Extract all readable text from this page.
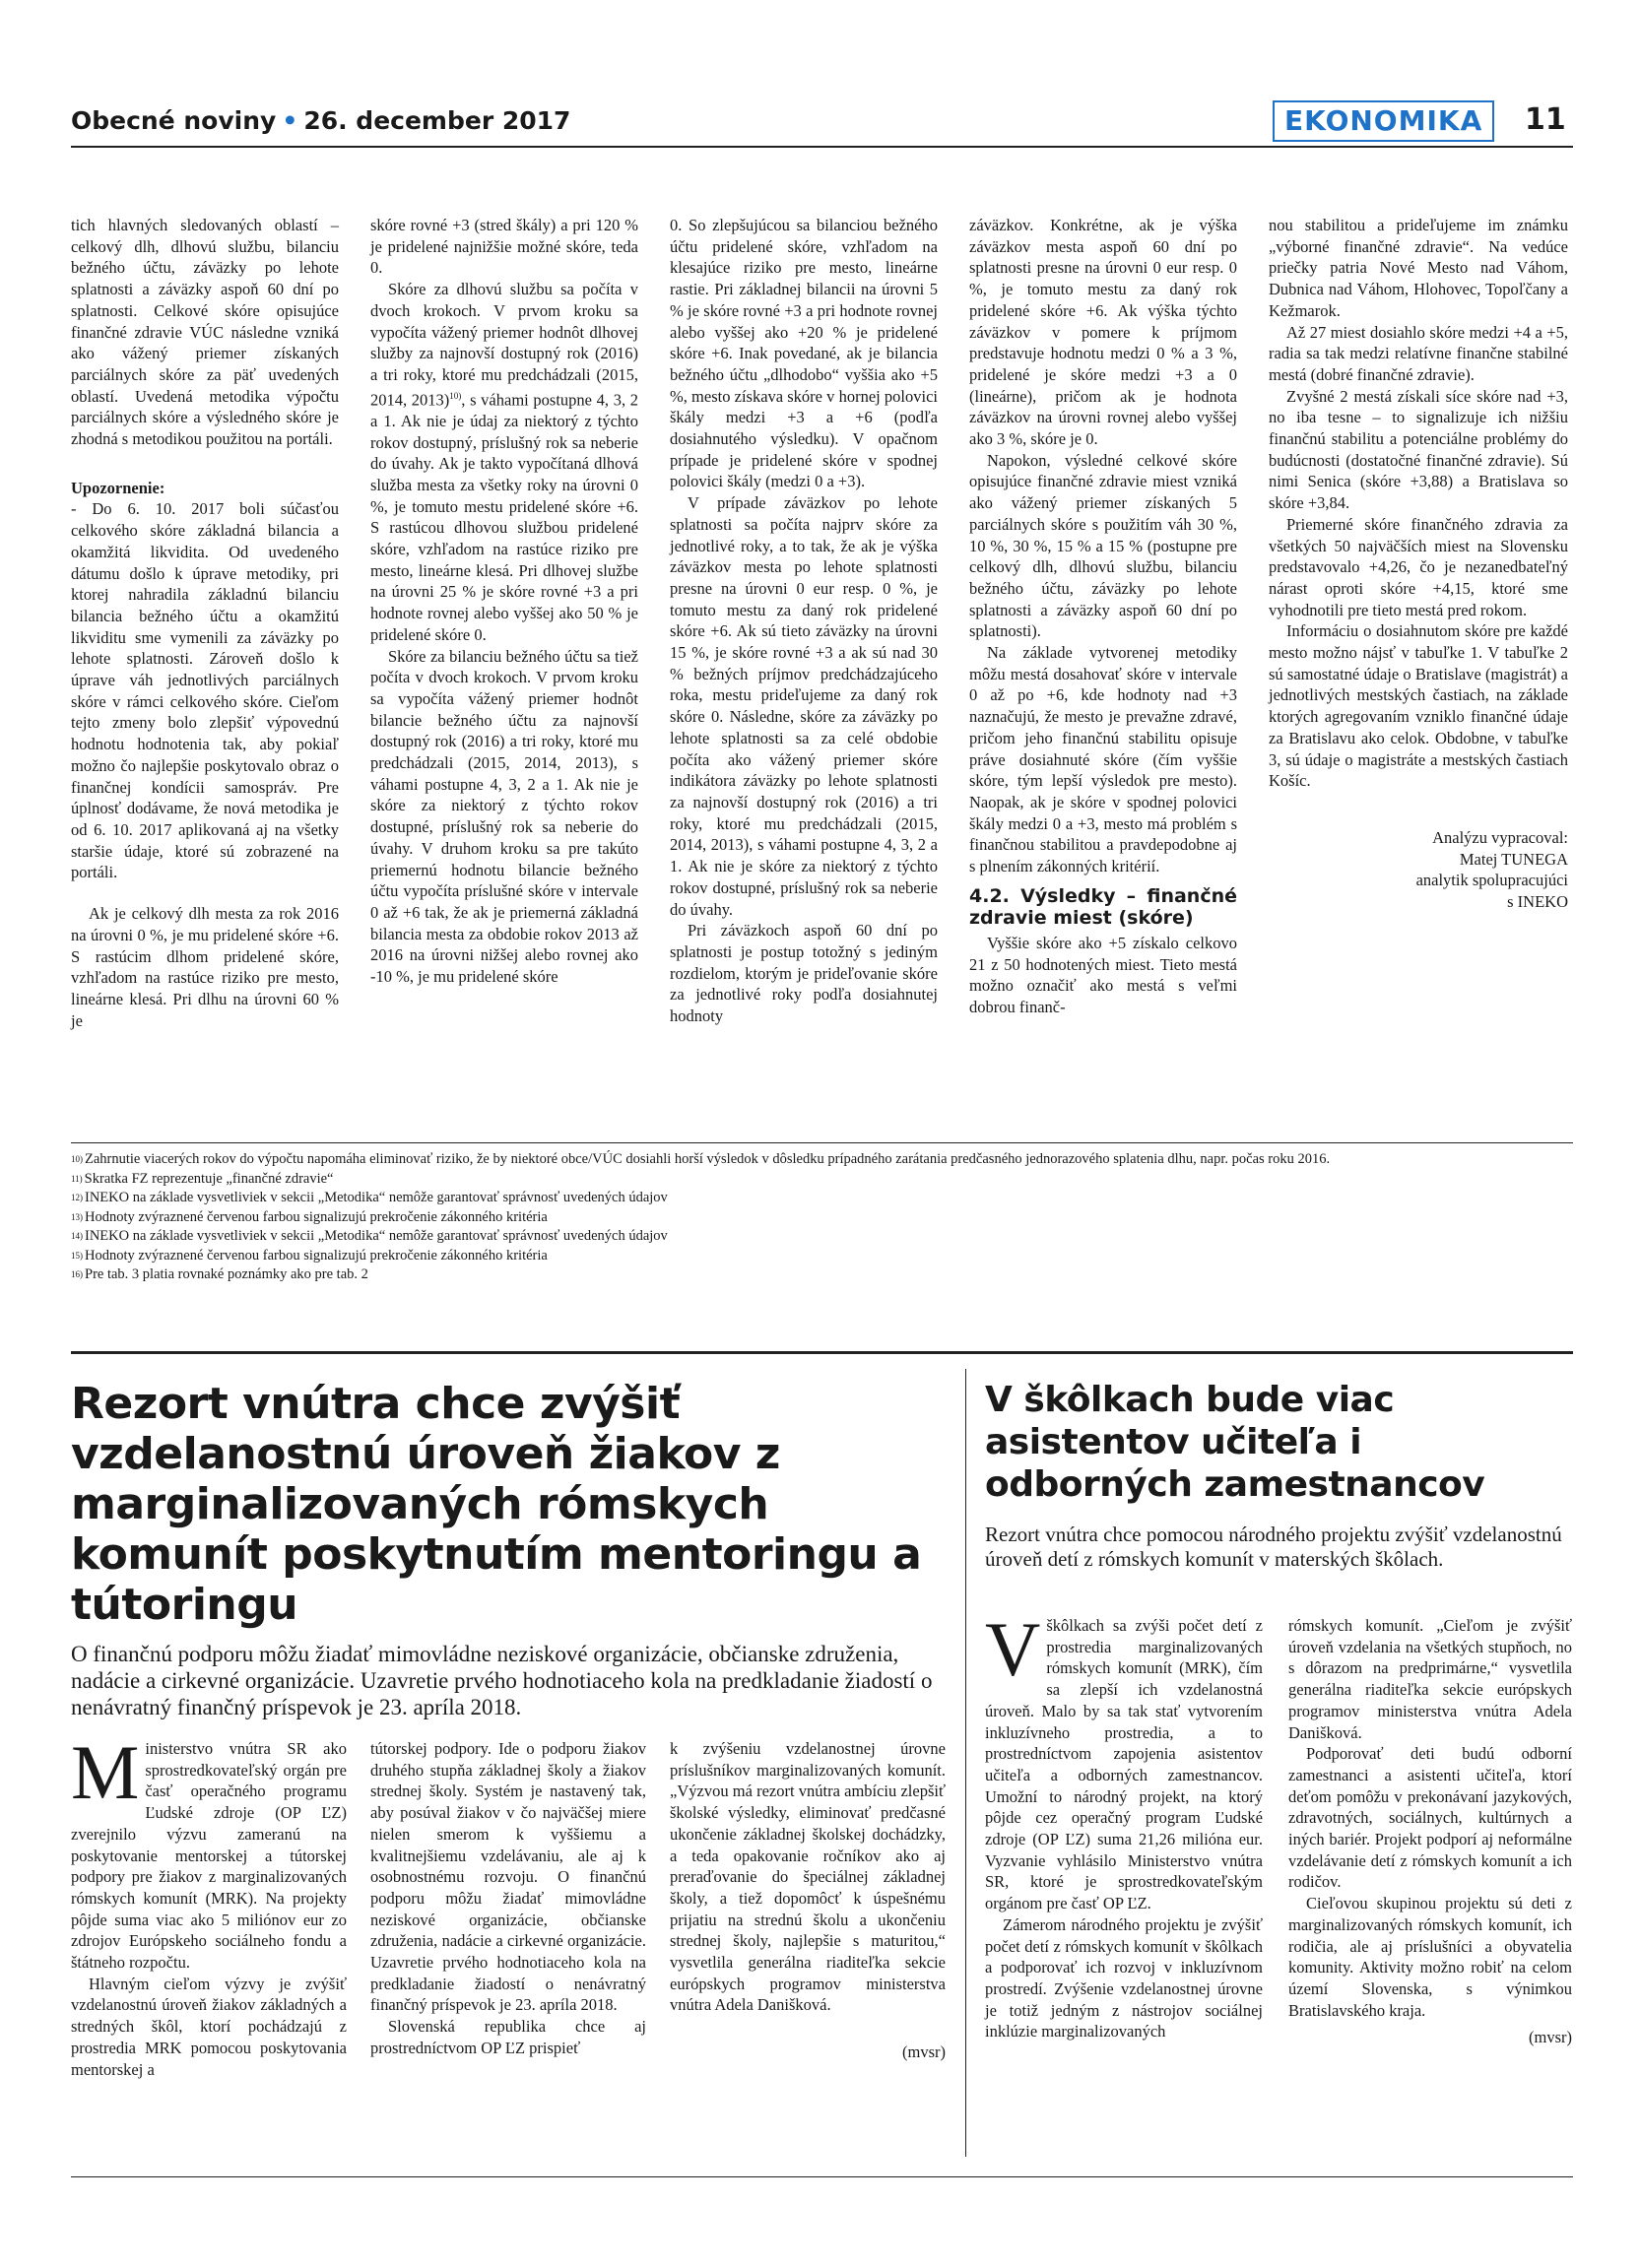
Obecné noviny • 26. december 2017	EKONOMIKA	11

tich hlavných sledovaných oblastí – celkový dlh, dlhovú službu, bilanciu bežného účtu, záväzky po lehote splatnosti a záväzky aspoň 60 dní po splatnosti. Celkové skóre opisujúce finančné zdravie VÚC následne vzniká ako vážený priemer získaných parciálnych skóre za päť uvedených oblastí. Uvedená metodika výpočtu parciálnych skóre a výsledného skóre je zhodná s metodikou použitou na portáli.

Upozornenie:

- Do 6. 10. 2017 boli súčasťou celkového skóre základná bilancia a okamžitá likvidita. Od uvedeného dátumu došlo k úprave metodiky, pri ktorej nahradila základnú bilanciu bilancia bežného účtu a okamžitú likviditu sme vymenili za záväzky po lehote splatnosti. Zároveň došlo k úprave váh jednotlivých parciálnych skóre v rámci celkového skóre. Cieľom tejto zmeny bolo zlepšiť výpovednú hodnotu hodnotenia tak, aby pokiaľ možno čo najlepšie poskytovalo obraz o finančnej kondícii samospráv. Pre úplnosť dodávame, že nová metodika je od 6. 10. 2017 aplikovaná aj na všetky staršie údaje, ktoré sú zobrazené na portáli.

Ak je celkový dlh mesta za rok 2016 na úrovni 0 %, je mu pridelené skóre +6. S rastúcim dlhom pridelené skóre, vzhľadom na rastúce riziko pre mesto, lineárne klesá. Pri dlhu na úrovni 60 % je

skóre rovné +3 (stred škály) a pri 120 % je pridelené najnižšie možné skóre, teda 0.

Skóre za dlhovú službu sa počíta v dvoch krokoch. V prvom kroku sa vypočíta vážený priemer hodnôt dlhovej služby za najnovší dostupný rok (2016) a tri roky, ktoré mu predchádzali (2015, 2014, 2013)$^{10)}$, s váhami postupne 4, 3, 2 a 1. Ak nie je údaj za niektorý z týchto rokov dostupný, príslušný rok sa neberie do úvahy. Ak je takto vypočítaná dlhová služba mesta za všetky roky na úrovni 0 %, je tomuto mestu pridelené skóre +6. S rastúcou dlhovou službou pridelené skóre, vzhľadom na rastúce riziko pre mesto, lineárne klesá. Pri dlhovej službe na úrovni 25 % je skóre rovné +3 a pri hodnote rovnej alebo vyššej ako 50 % je pridelené skóre 0.

Skóre za bilanciu bežného účtu sa tiež počíta v dvoch krokoch. V prvom kroku sa vypočíta vážený priemer hodnôt bilancie bežného účtu za najnovší dostupný rok (2016) a tri roky, ktoré mu predchádzali (2015, 2014, 2013), s váhami postupne 4, 3, 2 a 1. Ak nie je skóre za niektorý z týchto rokov dostupné, príslušný rok sa neberie do úvahy. V druhom kroku sa pre takúto priemernú hodnotu bilancie bežného účtu vypočíta príslušné skóre v intervale 0 až +6 tak, že ak je priemerná základná bilancia mesta za obdobie rokov 2013 až 2016 na úrovni nižšej alebo rovnej ako -10 %, je mu pridelené skóre

0. So zlepšujúcou sa bilanciou bežného účtu pridelené skóre, vzhľadom na klesajúce riziko pre mesto, lineárne rastie. Pri základnej bilancii na úrovni 5 % je skóre rovné +3 a pri hodnote rovnej alebo vyššej ako +20 % je pridelené skóre +6. Inak povedané, ak je bilancia bežného účtu „dlhodobo“ vyššia ako +5 %, mesto získava skóre v hornej polovici škály medzi +3 a +6 (podľa dosiahnutého výsledku). V opačnom prípade je pridelené skóre v spodnej polovici škály (medzi 0 a +3).

V prípade záväzkov po lehote splatnosti sa počíta najprv skóre za jednotlivé roky, a to tak, že ak je výška záväzkov mesta po lehote splatnosti presne na úrovni 0 eur resp. 0 %, je tomuto mestu za daný rok pridelené skóre +6. Ak sú tieto záväzky na úrovni 15 %, je skóre rovné +3 a ak sú nad 30 % bežných príjmov predchádzajúceho roka, mestu prideľujeme za daný rok skóre 0. Následne, skóre za záväzky po lehote splatnosti sa za celé obdobie počíta ako vážený priemer skóre indikátora záväzky po lehote splatnosti za najnovší dostupný rok (2016) a tri roky, ktoré mu predchádzali (2015, 2014, 2013), s váhami postupne 4, 3, 2 a 1. Ak nie je skóre za niektorý z týchto rokov dostupné, príslušný rok sa neberie do úvahy.

Pri záväzkoch aspoň 60 dní po splatnosti je postup totožný s jediným rozdielom, ktorým je prideľovanie skóre za jednotlivé roky podľa dosiahnutej hodnoty

záväzkov. Konkrétne, ak je výška záväzkov mesta aspoň 60 dní po splatnosti presne na úrovni 0 eur resp. 0 %, je tomuto mestu za daný rok pridelené skóre +6. Ak výška týchto záväzkov v pomere k príjmom predstavuje hodnotu medzi 0 % a 3 %, pridelené je skóre medzi +3 a 0 (lineárne), pričom ak je hodnota záväzkov na úrovni rovnej alebo vyššej ako 3 %, skóre je 0.

Napokon, výsledné celkové skóre opisujúce finančné zdravie miest vzniká ako vážený priemer získaných 5 parciálnych skóre s použitím váh 30 %, 10 %, 30 %, 15 % a 15 % (postupne pre celkový dlh, dlhovú službu, bilanciu bežného účtu, záväzky po lehote splatnosti a záväzky aspoň 60 dní po splatnosti).

Na základe vytvorenej metodiky môžu mestá dosahovať skóre v intervale 0 až po +6, kde hodnoty nad +3 naznačujú, že mesto je prevažne zdravé, pričom jeho finančnú stabilitu opisuje práve dosiahnuté skóre (čím vyššie skóre, tým lepší výsledok pre mesto). Naopak, ak je skóre v spodnej polovici škály medzi 0 a +3, mesto má problém s finančnou stabilitou a pravdepodobne aj s plnením zákonných kritérií.

4.2. Výsledky – finančné zdravie miest (skóre)

Vyššie skóre ako +5 získalo celkovo 21 z 50 hodnotených miest. Tieto mestá možno označiť ako mestá s veľmi dobrou finanč-

nou stabilitou a prideľujeme im známku „výborné finančné zdravie“. Na vedúce priečky patria Nové Mesto nad Váhom, Dubnica nad Váhom, Hlohovec, Topoľčany a Kežmarok.

Až 27 miest dosiahlo skóre medzi +4 a +5, radia sa tak medzi relatívne finančne stabilné mestá (dobré finančné zdravie).

Zvyšné 2 mestá získali síce skóre nad +3, no iba tesne – to signalizuje ich nižšiu finančnú stabilitu a potenciálne problémy do budúcnosti (dostatočné finančné zdravie). Sú nimi Senica (skóre +3,88) a Bratislava so skóre +3,84.

Priemerné skóre finančného zdravia za všetkých 50 najväčších miest na Slovensku predstavovalo +4,26, čo je nezanedbateľný nárast oproti skóre +4,15, ktoré sme vyhodnotili pre tieto mestá pred rokom.

Informáciu o dosiahnutom skóre pre každé mesto možno nájsť v tabuľke 1. V tabuľke 2 sú samostatné údaje o Bratislave (magistrát) a jednotlivých mestských častiach, na základe ktorých agregovaním vzniklo finančné údaje za Bratislavu ako celok. Obdobne, v tabuľke 3, sú údaje o magistráte a mestských častiach Košíc.

Analýzu vypracoval:
Matej TUNEGA
analytik spolupracujúci
s INEKO
$^{10)}$ Zahrnutie viacerých rokov do výpočtu napomáha eliminovať riziko, že by niektoré obce/VÚC dosiahli horší výsledok v dôsledku prípadného zarátania predčasného jednorazového splatenia dlhu, napr. počas roku 2016.
$^{11)}$ Skratka FZ reprezentuje „finančné zdravie“
$^{12)}$ INEKO na základe vysvetliviek v sekcii „Metodika“ nemôže garantovať správnosť uvedených údajov
$^{13)}$ Hodnoty zvýraznené červenou farbou signalizujú prekročenie zákonného kritéria
$^{14)}$ INEKO na základe vysvetliviek v sekcii „Metodika“ nemôže garantovať správnosť uvedených údajov
$^{15)}$ Hodnoty zvýraznené červenou farbou signalizujú prekročenie zákonného kritéria
$^{16)}$ Pre tab. 3 platia rovnaké poznámky ako pre tab. 2
Rezort vnútra chce zvýšiť vzdelanostnú úroveň žiakov z marginalizovaných rómskych komunít poskytnutím mentoringu a tútoringu
O finančnú podporu môžu žiadať mimovládne neziskové organizácie, občianske združenia, nadácie a cirkevné organizácie. Uzavretie prvého hodnotiaceho kola na predkladanie žiadostí o nenávratný finančný príspevok je 23. apríla 2018.

Ministerstvo vnútra SR ako sprostredkovateľský orgán pre časť operačného programu Ľudské zdroje (OP ĽZ) zverejnilo výzvu zameranú na poskytovanie mentorskej a tútorskej podpory pre žiakov z marginalizovaných rómskych komunít (MRK). Na projekty pôjde suma viac ako 5 miliónov eur zo zdrojov Európskeho sociálneho fondu a štátneho rozpočtu.

Hlavným cieľom výzvy je zvýšiť vzdelanostnú úroveň žiakov základných a stredných škôl, ktorí pochádzajú z prostredia MRK pomocou poskytovania mentorskej a

tútorskej podpory. Ide o podporu žiakov druhého stupňa základnej školy a žiakov strednej školy. Systém je nastavený tak, aby posúval žiakov v čo najväčšej miere nielen smerom k vyššiemu a kvalitnejšiemu vzdelávaniu, ale aj k osobnostnému rozvoju. O finančnú podporu môžu žiadať mimovládne neziskové organizácie, občianske združenia, nadácie a cirkevné organizácie. Uzavretie prvého hodnotiaceho kola na predkladanie žiadostí o nenávratný finančný príspevok je 23. apríla 2018.

Slovenská republika chce aj prostredníctvom OP ĽZ prispieť

k zvýšeniu vzdelanostnej úrovne príslušníkov marginalizovaných komunít. „Výzvou má rezort vnútra ambíciu zlepšiť školské výsledky, eliminovať predčasné ukončenie základnej školskej dochádzky, a teda opakovanie ročníkov ako aj preraďovanie do špeciálnej základnej školy, a tiež dopomôcť k úspešnému prijatiu na strednú školu a ukončeniu strednej školy, najlepšie s maturitou,“ vysvetlila generálna riaditeľka sekcie európskych programov ministerstva vnútra Adela Danišková.

(mvsr)
V škôlkach bude viac asistentov učiteľa i odborných zamestnancov
Rezort vnútra chce pomocou národného projektu zvýšiť vzdelanostnú úroveň detí z rómskych komunít v materských škôlach.

Vškôlkach sa zvýši počet detí z prostredia marginalizovaných rómskych komunít (MRK), čím sa zlepší ich vzdelanostná úroveň. Malo by sa tak stať vytvorením inkluzívneho prostredia, a to prostredníctvom zapojenia asistentov učiteľa a odborných zamestnancov. Umožní to národný projekt, na ktorý pôjde cez operačný program Ľudské zdroje (OP ĽZ) suma 21,26 milióna eur. Vyzvanie vyhlásilo Ministerstvo vnútra SR, ktoré je sprostredkovateľským orgánom pre časť OP ĽZ.

Zámerom národného projektu je zvýšiť počet detí z rómskych komunít v škôlkach a podporovať ich rozvoj v inkluzívnom prostredí. Zvýšenie vzdelanostnej úrovne je totiž jedným z nástrojov sociálnej inklúzie marginalizovaných

rómskych komunít. „Cieľom je zvýšiť úroveň vzdelania na všetkých stupňoch, no s dôrazom na predprimárne,“ vysvetlila generálna riaditeľka sekcie európskych programov ministerstva vnútra Adela Danišková.

Podporovať deti budú odborní zamestnanci a asistenti učiteľa, ktorí deťom pomôžu v prekonávaní jazykových, zdravotných, sociálnych, kultúrnych a iných bariér. Projekt podporí aj neformálne vzdelávanie detí z rómskych komunít a ich rodičov.

Cieľovou skupinou projektu sú deti z marginalizovaných rómskych komunít, ich rodičia, ale aj príslušníci a obyvatelia komunity. Aktivity možno robiť na celom území Slovenska, s výnimkou Bratislavského kraja.

(mvsr)
